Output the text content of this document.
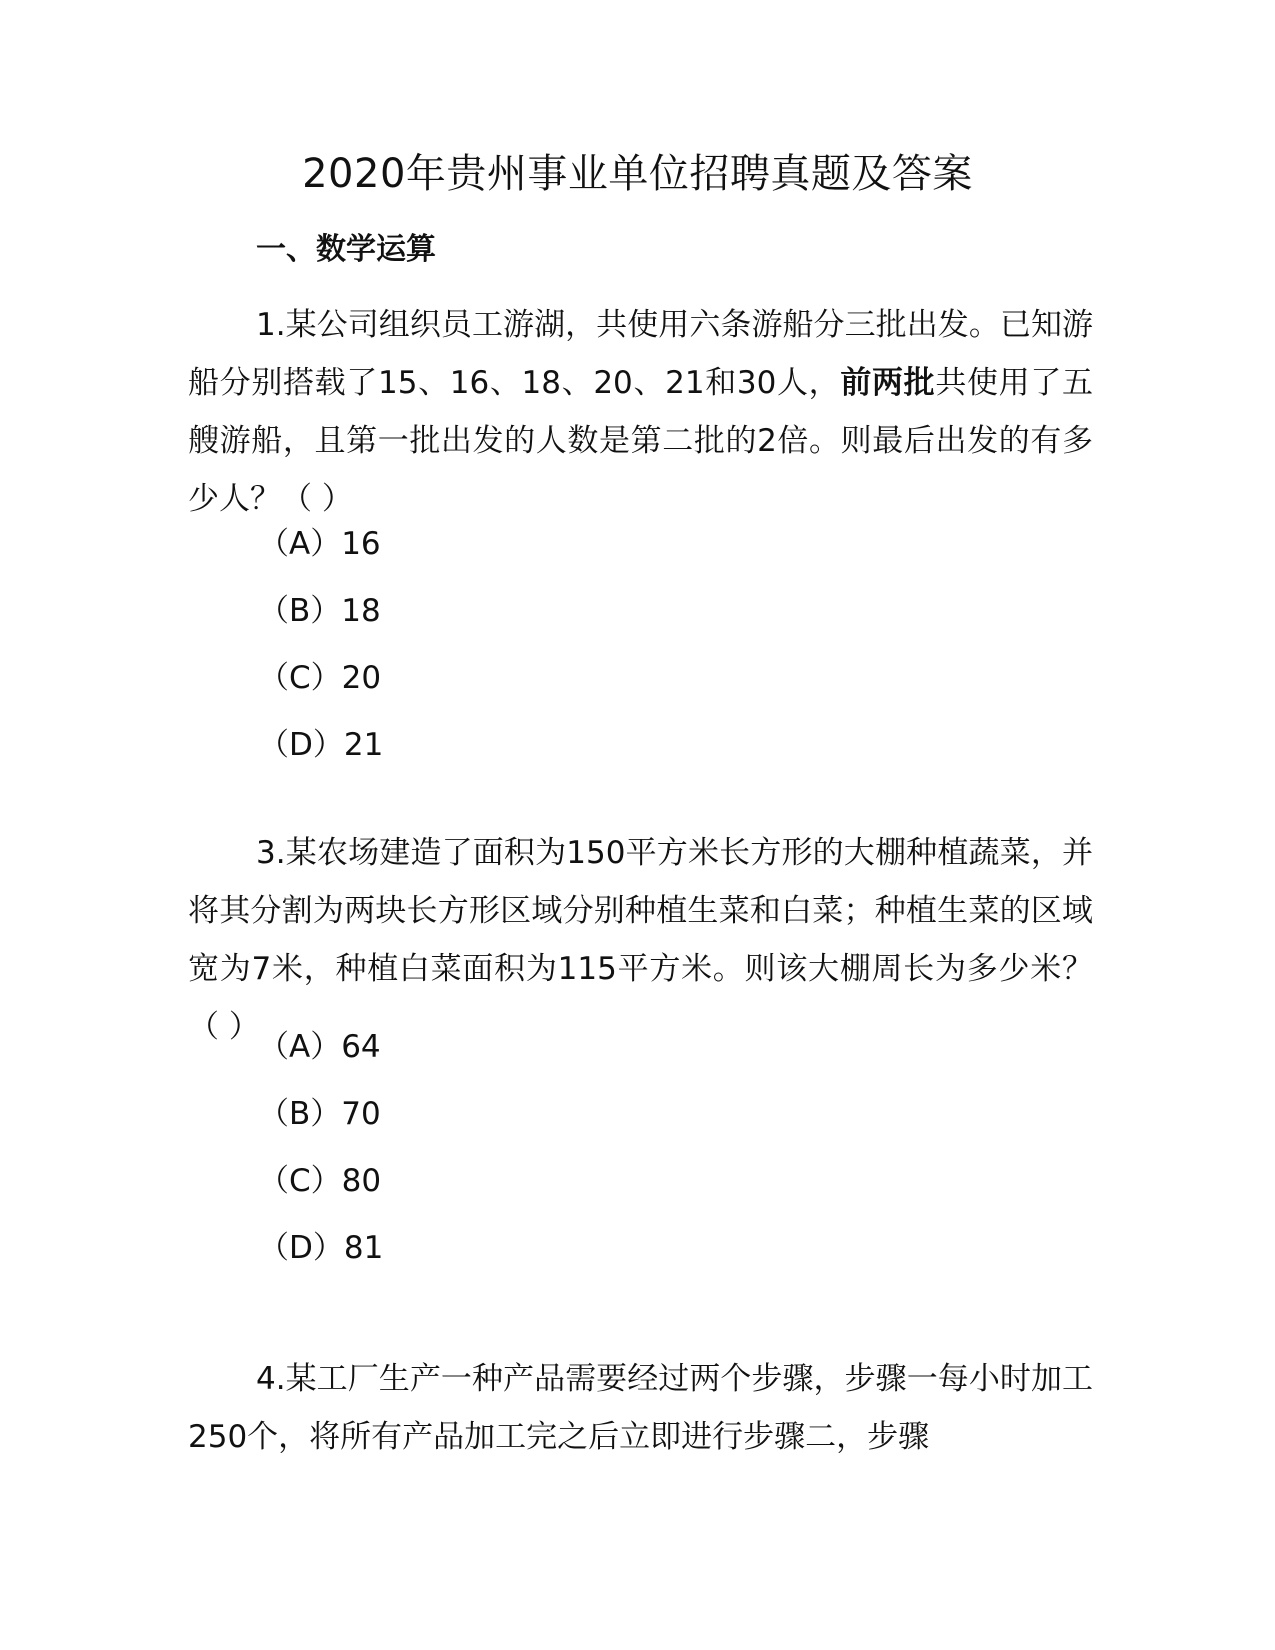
2020年贵州事业单位招聘真题及答案
一、数学运算
1.某公司组织员工游湖，共使用六条游船分三批出发。已知游船分别搭载了15、16、18、20、21和30人，前两批共使用了五艘游船，且第一批出发的人数是第二批的2倍。则最后出发的有多少人？（ ）
（A）16
（B）18
（C）20
（D）21
3.某农场建造了面积为150平方米长方形的大棚种植蔬菜，并将其分割为两块长方形区域分别种植生菜和白菜；种植生菜的区域宽为7米，种植白菜面积为115平方米。则该大棚周长为多少米？（ ）
（A）64
（B）70
（C）80
（D）81
4.某工厂生产一种产品需要经过两个步骤，步骤一每小时加工250个，将所有产品加工完之后立即进行步骤二，步骤
